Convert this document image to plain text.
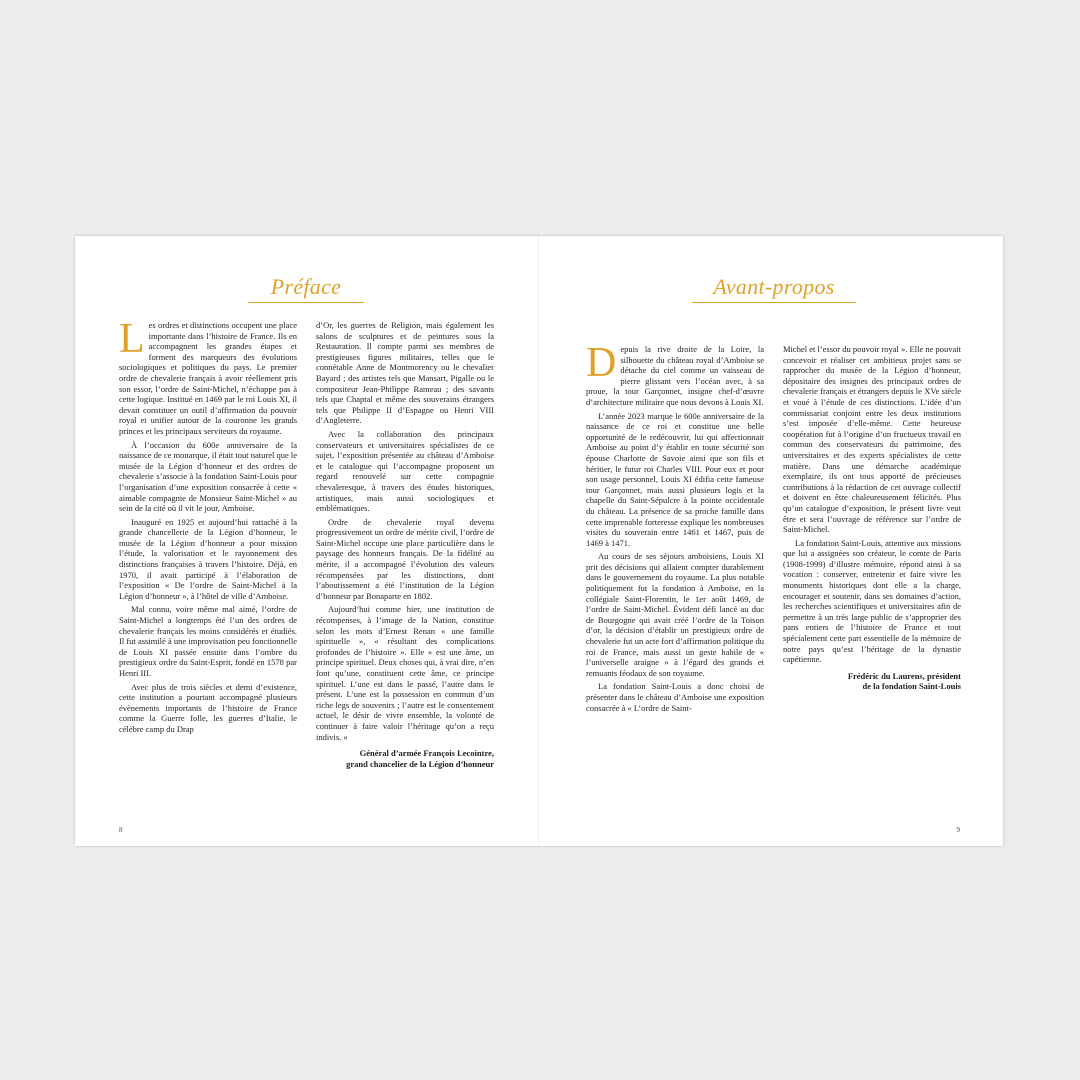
Préface

Les ordres et distinctions occupent une place importante dans l’histoire de France. Ils en accompagnent les grandes étapes et forment des marqueurs des évolutions sociologiques et politiques du pays. Le premier ordre de chevalerie français à avoir réellement pris son essor, l’ordre de Saint-Michel, n’échappe pas à cette logique. Institué en 1469 par le roi Louis XI, il devait constituer un outil d’affirmation du pouvoir royal et unifier autour de la couronne les grands princes et les principaux serviteurs du royaume.

À l’occasion du 600e anniversaire de la naissance de ce monarque, il était tout naturel que le musée de la Légion d’honneur et des ordres de chevalerie s’associe à la fondation Saint-Louis pour l’organisation d’une exposition consacrée à cette « aimable compagnie de Monsieur Saint-Michel » au sein de la cité où il vit le jour, Amboise.

Inauguré en 1925 et aujourd’hui rattaché à la grande chancellerie de la Légion d’honneur, le musée de la Légion d’honneur a pour mission l’étude, la valorisation et le rayonnement des distinctions françaises à travers l’histoire. Déjà, en 1970, il avait participé à l’élaboration de l’exposition « De l’ordre de Saint-Michel à la Légion d’honneur », à l’hôtel de ville d’Amboise.

Mal connu, voire même mal aimé, l’ordre de Saint-Michel a longtemps été l’un des ordres de chevalerie français les moins considérés et étudiés. Il fut assimilé à une improvisation peu fonctionnelle de Louis XI passée ensuite dans l’ombre du prestigieux ordre du Saint-Esprit, fondé en 1578 par Henri III.

Avec plus de trois siècles et demi d’existence, cette institution a pourtant accompagné plusieurs évènements importants de l’histoire de France comme la Guerre folle, les guerres d’Italie, le célèbre camp du Drap

d’Or, les guerres de Religion, mais également les salons de sculptures et de peintures sous la Restauration. Il compte parmi ses membres de prestigieuses figures militaires, telles que le connétable Anne de Montmorency ou le chevalier Bayard ; des artistes tels que Mansart, Pigalle ou le compositeur Jean-Philippe Rameau ; des savants tels que Chaptal et même des souverains étrangers tels que Philippe II d’Espagne ou Henri VIII d’Angleterre.

Avec la collaboration des principaux conservateurs et universitaires spécialistes de ce sujet, l’exposition présentée au château d’Amboise et le catalogue qui l’accompagne proposent un regard renouvelé sur cette compagnie chevaleresque, à travers des études historiques, artistiques, mais aussi sociologiques et emblématiques.

Ordre de chevalerie royal devenu progressivement un ordre de mérite civil, l’ordre de Saint-Michel occupe une place particulière dans le paysage des honneurs français. De la fidélité au mérite, il a accompagné l’évolution des valeurs récompensées par les distinctions, dont l’aboutissement a été l’institution de la Légion d’honneur par Bonaparte en 1802.

Aujourd’hui comme hier, une institution de récompenses, à l’image de la Nation, constitue selon les mots d’Ernest Renan « une famille spirituelle », « résultant des complications profondes de l’histoire ». Elle « est une âme, un principe spirituel. Deux choses qui, à vrai dire, n’en font qu’une, constituent cette âme, ce principe spirituel. L’une est dans le passé, l’autre dans le présent. L’une est la possession en commun d’un riche legs de souvenirs ; l’autre est le consentement actuel, le désir de vivre ensemble, la volonté de continuer à faire valoir l’héritage qu’on a reçu indivis. »

Général d’armée François Lecointre,
grand chancelier de la Légion d’honneur
8
Avant-propos

Depuis la rive droite de la Loire, la silhouette du château royal d’Amboise se détache du ciel comme un vaisseau de pierre glissant vers l’océan avec, à sa proue, la tour Garçonnet, insigne chef-d’œuvre d’architecture militaire que nous devons à Louis XI.

L’année 2023 marque le 600e anniversaire de la naissance de ce roi et constitue une belle opportunité de le redécouvrir, lui qui affectionnait Amboise au point d’y établir en toute sécurité son épouse Charlotte de Savoie ainsi que son fils et héritier, le futur roi Charles VIII. Pour eux et pour son usage personnel, Louis XI édifia cette fameuse tour Garçonnet, mais aussi plusieurs logis et la chapelle du Saint-Sépulcre à la pointe occidentale du château. La présence de sa proche famille dans cette imprenable forteresse explique les nombreuses visites du souverain entre 1461 et 1467, puis de 1469 à 1471.

Au cours de ses séjours amboisiens, Louis XI prit des décisions qui allaient compter durablement dans le gouvernement du royaume. La plus notable politiquement fut la fondation à Amboise, en la collégiale Saint-Florentin, le 1er août 1469, de l’ordre de Saint-Michel. Évident défi lancé au duc de Bourgogne qui avait créé l’ordre de la Toison d’or, la décision d’établir un prestigieux ordre de chevalerie fut un acte fort d’affirmation politique du roi de France, mais aussi un geste habile de « l’universelle araigne » à l’égard des grands et remuants féodaux de son royaume.

La fondation Saint-Louis a donc choisi de présenter dans le château d’Amboise une exposition consacrée à « L’ordre de Saint-

Michel et l’essor du pouvoir royal ». Elle ne pouvait concevoir et réaliser cet ambitieux projet sans se rapprocher du musée de la Légion d’honneur, dépositaire des insignes des principaux ordres de chevalerie français et étrangers depuis le XVe siècle et voué à l’étude de ces distinctions. L’idée d’un commissariat conjoint entre les deux institutions s’est imposée d’elle-même. Cette heureuse coopération fut à l’origine d’un fructueux travail en commun des conservateurs du patrimoine, des universitaires et des experts spécialistes de cette matière. Dans une démarche académique exemplaire, ils ont tous apporté de précieuses contributions à la rédaction de cet ouvrage collectif et doivent en être chaleureusement félicités. Plus qu’un catalogue d’exposition, le présent livre veut être et sera l’ouvrage de référence sur l’ordre de Saint-Michel.

La fondation Saint-Louis, attentive aux missions que lui a assignées son créateur, le comte de Paris (1908-1999) d’illustre mémoire, répond ainsi à sa vocation : conserver, entretenir et faire vivre les monuments historiques dont elle a la charge, encourager et soutenir, dans ses domaines d’action, les recherches scientifiques et universitaires afin de permettre à un très large public de s’approprier des pans entiers de l’histoire de France et tout spécialement cette part essentielle de la mémoire de notre pays qu’est l’héritage de la dynastie capétienne.

Frédéric du Laurens, président
de la fondation Saint-Louis
9
